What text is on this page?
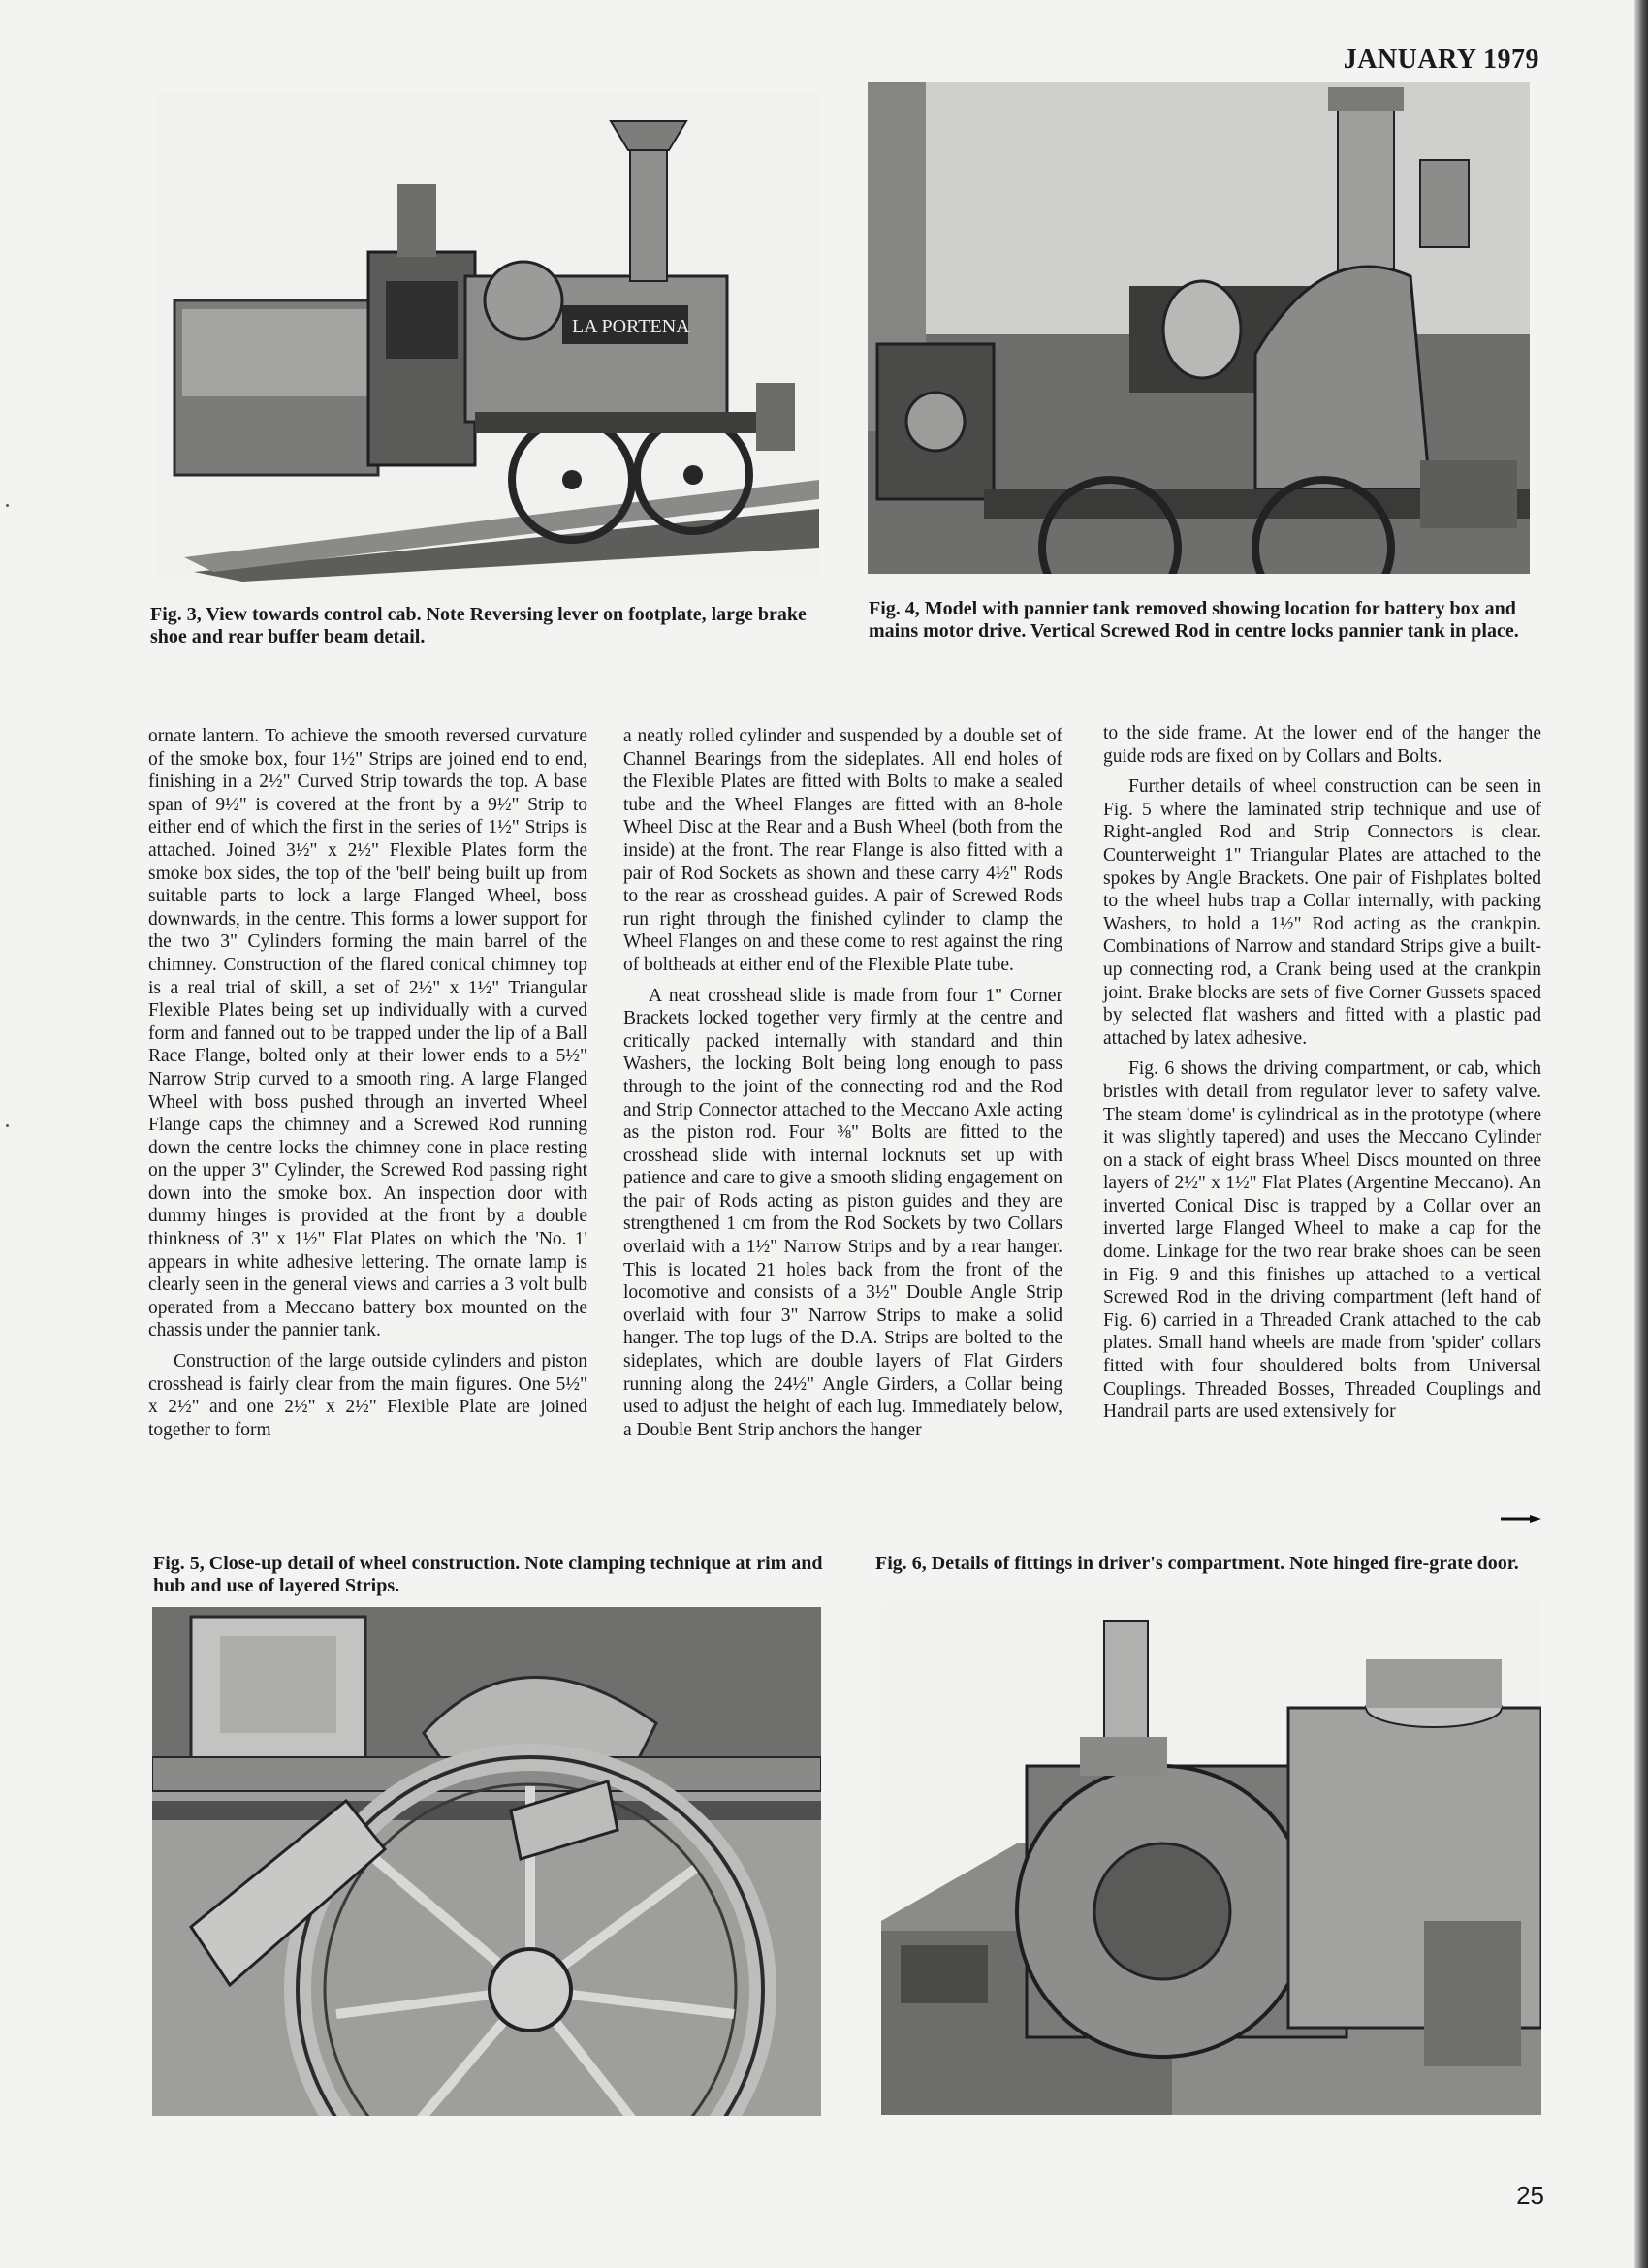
JANUARY 1979
LA PORTENA
Fig. 3, View towards control cab. Note Reversing lever on footplate, large brake shoe and rear buffer beam detail.
Fig. 4, Model with pannier tank removed showing location for battery box and mains motor drive. Vertical Screwed Rod in centre locks pannier tank in place.

ornate lantern. To achieve the smooth reversed curvature of the smoke box, four 1½" Strips are joined end to end, finishing in a 2½" Curved Strip towards the top. A base span of 9½" is covered at the front by a 9½" Strip to either end of which the first in the series of 1½" Strips is attached. Joined 3½" x 2½" Flexible Plates form the smoke box sides, the top of the 'bell' being built up from suitable parts to lock a large Flanged Wheel, boss downwards, in the centre. This forms a lower support for the two 3" Cylinders forming the main barrel of the chimney. Construction of the flared conical chimney top is a real trial of skill, a set of 2½" x 1½" Triangular Flexible Plates being set up individually with a curved form and fanned out to be trapped under the lip of a Ball Race Flange, bolted only at their lower ends to a 5½" Narrow Strip curved to a smooth ring. A large Flanged Wheel with boss pushed through an inverted Wheel Flange caps the chimney and a Screwed Rod running down the centre locks the chimney cone in place resting on the upper 3" Cylinder, the Screwed Rod passing right down into the smoke box. An inspection door with dummy hinges is provided at the front by a double thinkness of 3" x 1½" Flat Plates on which the 'No. 1' appears in white adhesive lettering. The ornate lamp is clearly seen in the general views and carries a 3 volt bulb operated from a Meccano battery box mounted on the chassis under the pannier tank.

Construction of the large outside cylinders and piston crosshead is fairly clear from the main figures. One 5½" x 2½" and one 2½" x 2½" Flexible Plate are joined together to form

a neatly rolled cylinder and suspended by a double set of Channel Bearings from the sideplates. All end holes of the Flexible Plates are fitted with Bolts to make a sealed tube and the Wheel Flanges are fitted with an 8-hole Wheel Disc at the Rear and a Bush Wheel (both from the inside) at the front. The rear Flange is also fitted with a pair of Rod Sockets as shown and these carry 4½" Rods to the rear as crosshead guides. A pair of Screwed Rods run right through the finished cylinder to clamp the Wheel Flanges on and these come to rest against the ring of boltheads at either end of the Flexible Plate tube.

A neat crosshead slide is made from four 1" Corner Brackets locked together very firmly at the centre and critically packed internally with standard and thin Washers, the locking Bolt being long enough to pass through to the joint of the connecting rod and the Rod and Strip Connector attached to the Meccano Axle acting as the piston rod. Four ⅜" Bolts are fitted to the crosshead slide with internal locknuts set up with patience and care to give a smooth sliding engagement on the pair of Rods acting as piston guides and they are strengthened 1 cm from the Rod Sockets by two Collars overlaid with a 1½" Narrow Strips and by a rear hanger. This is located 21 holes back from the front of the locomotive and consists of a 3½" Double Angle Strip overlaid with four 3" Narrow Strips to make a solid hanger. The top lugs of the D.A. Strips are bolted to the sideplates, which are double layers of Flat Girders running along the 24½" Angle Girders, a Collar being used to adjust the height of each lug. Immediately below, a Double Bent Strip anchors the hanger

to the side frame. At the lower end of the hanger the guide rods are fixed on by Collars and Bolts.

Further details of wheel construction can be seen in Fig. 5 where the laminated strip technique and use of Right-angled Rod and Strip Connectors is clear. Counterweight 1" Triangular Plates are attached to the spokes by Angle Brackets. One pair of Fishplates bolted to the wheel hubs trap a Collar internally, with packing Washers, to hold a 1½" Rod acting as the crankpin. Combinations of Narrow and standard Strips give a built-up connecting rod, a Crank being used at the crankpin joint. Brake blocks are sets of five Corner Gussets spaced by selected flat washers and fitted with a plastic pad attached by latex adhesive.

Fig. 6 shows the driving compartment, or cab, which bristles with detail from regulator lever to safety valve. The steam 'dome' is cylindrical as in the prototype (where it was slightly tapered) and uses the Meccano Cylinder on a stack of eight brass Wheel Discs mounted on three layers of 2½" x 1½" Flat Plates (Argentine Meccano). An inverted Conical Disc is trapped by a Collar over an inverted large Flanged Wheel to make a cap for the dome. Linkage for the two rear brake shoes can be seen in Fig. 9 and this finishes up attached to a vertical Screwed Rod in the driving compartment (left hand of Fig. 6) carried in a Threaded Crank attached to the cab plates. Small hand wheels are made from 'spider' collars fitted with four shouldered bolts from Universal Couplings. Threaded Bosses, Threaded Couplings and Handrail parts are used extensively for

Fig. 5, Close-up detail of wheel construction. Note clamping technique at rim and hub and use of layered Strips.
Fig. 6, Details of fittings in driver's compartment. Note hinged fire-grate door.
25
